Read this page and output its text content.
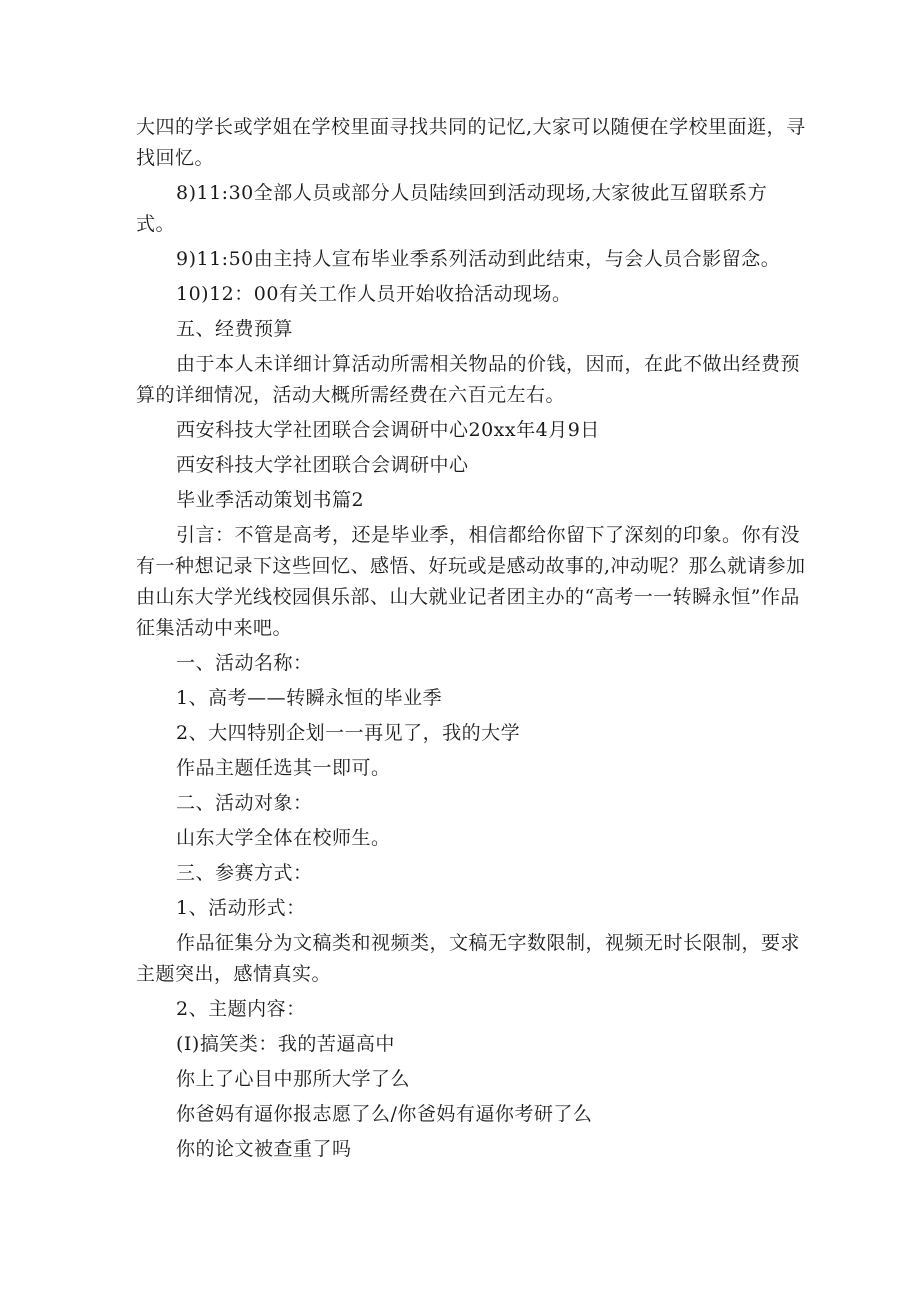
大四的学长或学姐在学校里面寻找共同的记忆,大家可以随便在学校里面逛，寻找回忆。

8)11:30全部人员或部分人员陆续回到活动现场,大家彼此互留联系方式。

9)11:50由主持人宣布毕业季系列活动到此结束，与会人员合影留念。

10)12：00有关工作人员开始收拾活动现场。

五、经费预算

由于本人未详细计算活动所需相关物品的价钱，因而，在此不做出经费预算的详细情况，活动大概所需经费在六百元左右。

西安科技大学社团联合会调研中心20xx年4月9日

西安科技大学社团联合会调研中心

毕业季活动策划书篇2

引言：不管是高考，还是毕业季，相信都给你留下了深刻的印象。你有没有一种想记录下这些回忆、感悟、好玩或是感动故事的,冲动呢？那么就请参加由山东大学光线校园俱乐部、山大就业记者团主办的“高考一一转瞬永恒”作品征集活动中来吧。

一、活动名称：

1、高考——转瞬永恒的毕业季

2、大四特别企划一一再见了，我的大学

作品主题任选其一即可。

二、活动对象：

山东大学全体在校师生。

三、参赛方式：

1、活动形式：

作品征集分为文稿类和视频类，文稿无字数限制，视频无时长限制，要求主题突出，感情真实。

2、主题内容：

(I)搞笑类：我的苦逼高中

你上了心目中那所大学了么

你爸妈有逼你报志愿了么/你爸妈有逼你考研了么

你的论文被查重了吗
